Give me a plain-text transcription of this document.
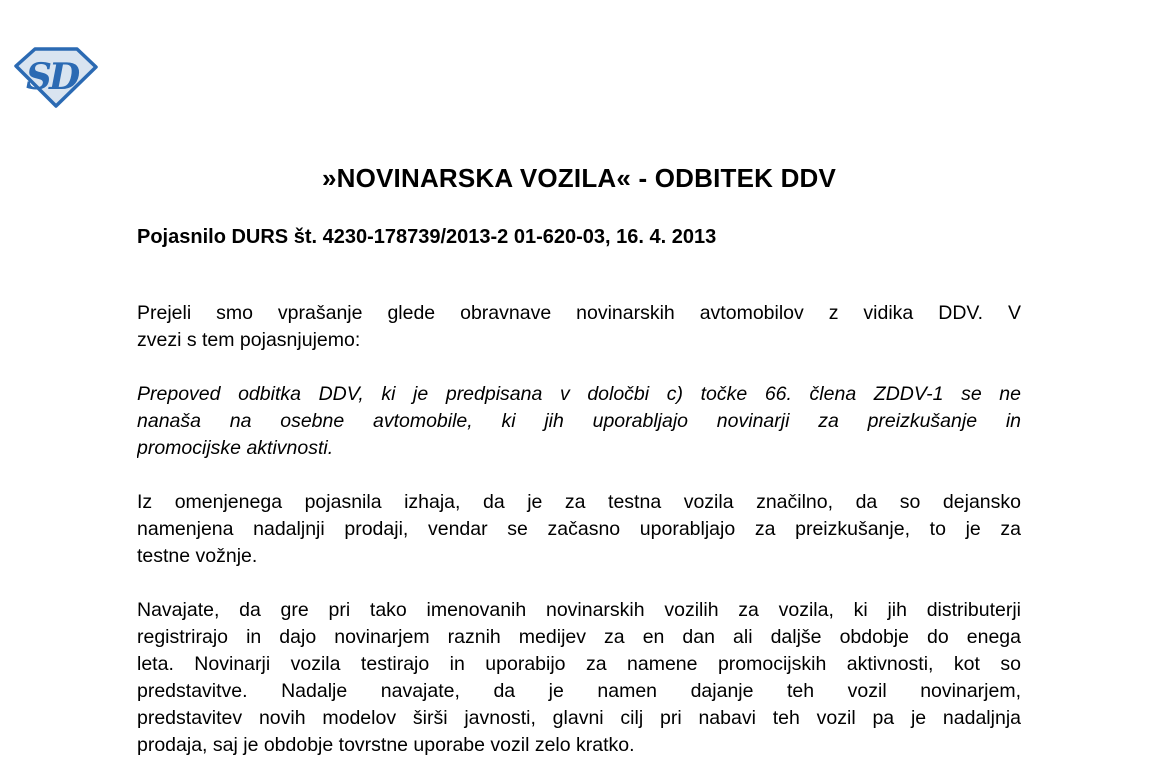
SD
»NOVINARSKA VOZILA« - ODBITEK DDV
Pojasnilo DURS št. 4230-178739/2013-2 01-620-03, 16. 4. 2013
Prejeli smo vprašanje glede obravnave novinarskih avtomobilov z vidika DDV. V
zvezi s tem pojasnjujemo:
Prepoved odbitka DDV, ki je predpisana v določbi c) točke 66. člena ZDDV-1 se ne
nanaša na osebne avtomobile, ki jih uporabljajo novinarji za preizkušanje in
promocijske aktivnosti.
Iz omenjenega pojasnila izhaja, da je za testna vozila značilno, da so dejansko
namenjena nadaljnji prodaji, vendar se začasno uporabljajo za preizkušanje, to je za
testne vožnje.
Navajate, da gre pri tako imenovanih novinarskih vozilih za vozila, ki jih distributerji
registrirajo in dajo novinarjem raznih medijev za en dan ali daljše obdobje do enega
leta. Novinarji vozila testirajo in uporabijo za namene promocijskih aktivnosti, kot so
predstavitve. Nadalje navajate, da je namen dajanje teh vozil novinarjem,
predstavitev novih modelov širši javnosti, glavni cilj pri nabavi teh vozil pa je nadaljnja
prodaja, saj je obdobje tovrstne uporabe vozil zelo kratko.
